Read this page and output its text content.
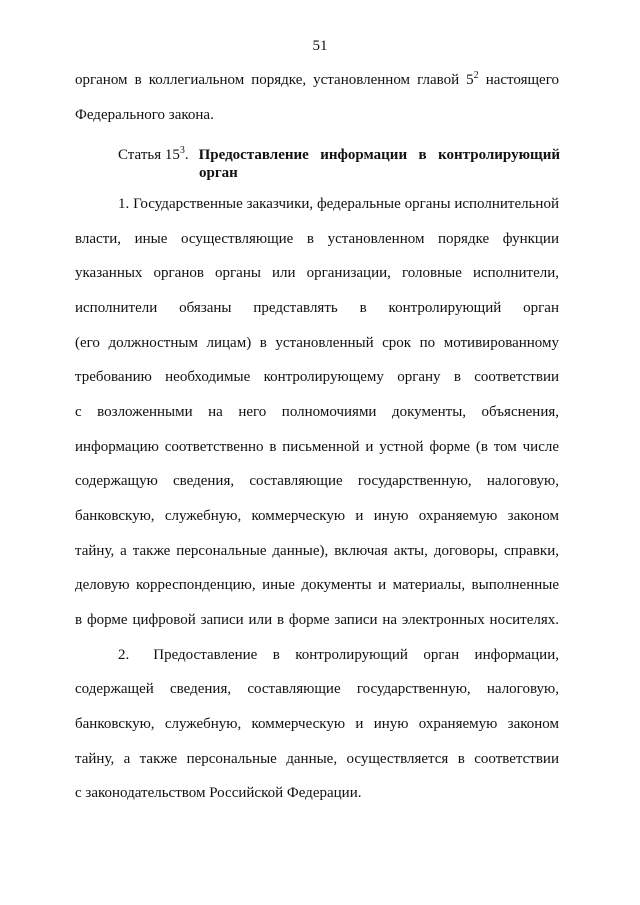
51
органом в коллегиальном порядке, установленном главой $5^2$ настоящего
Федерального закона.
Статья $15^3$. Предоставление информации в контролирующий
орган
1. Государственные заказчики, федеральные органы исполнительной
власти, иные осуществляющие в установленном порядке функции
указанных органов органы или организации, головные исполнители,
исполнители обязаны представлять в контролирующий орган
(его должностным лицам) в установленный срок по мотивированному
требованию необходимые контролирующему органу в соответствии
с возложенными на него полномочиями документы, объяснения,
информацию соответственно в письменной и устной форме (в том числе
содержащую сведения, составляющие государственную, налоговую,
банковскую, служебную, коммерческую и иную охраняемую законом
тайну, а также персональные данные), включая акты, договоры, справки,
деловую корреспонденцию, иные документы и материалы, выполненные
в форме цифровой записи или в форме записи на электронных носителях.
2. Предоставление в контролирующий орган информации,
содержащей сведения, составляющие государственную, налоговую,
банковскую, служебную, коммерческую и иную охраняемую законом
тайну, а также персональные данные, осуществляется в соответствии
с законодательством Российской Федерации.
